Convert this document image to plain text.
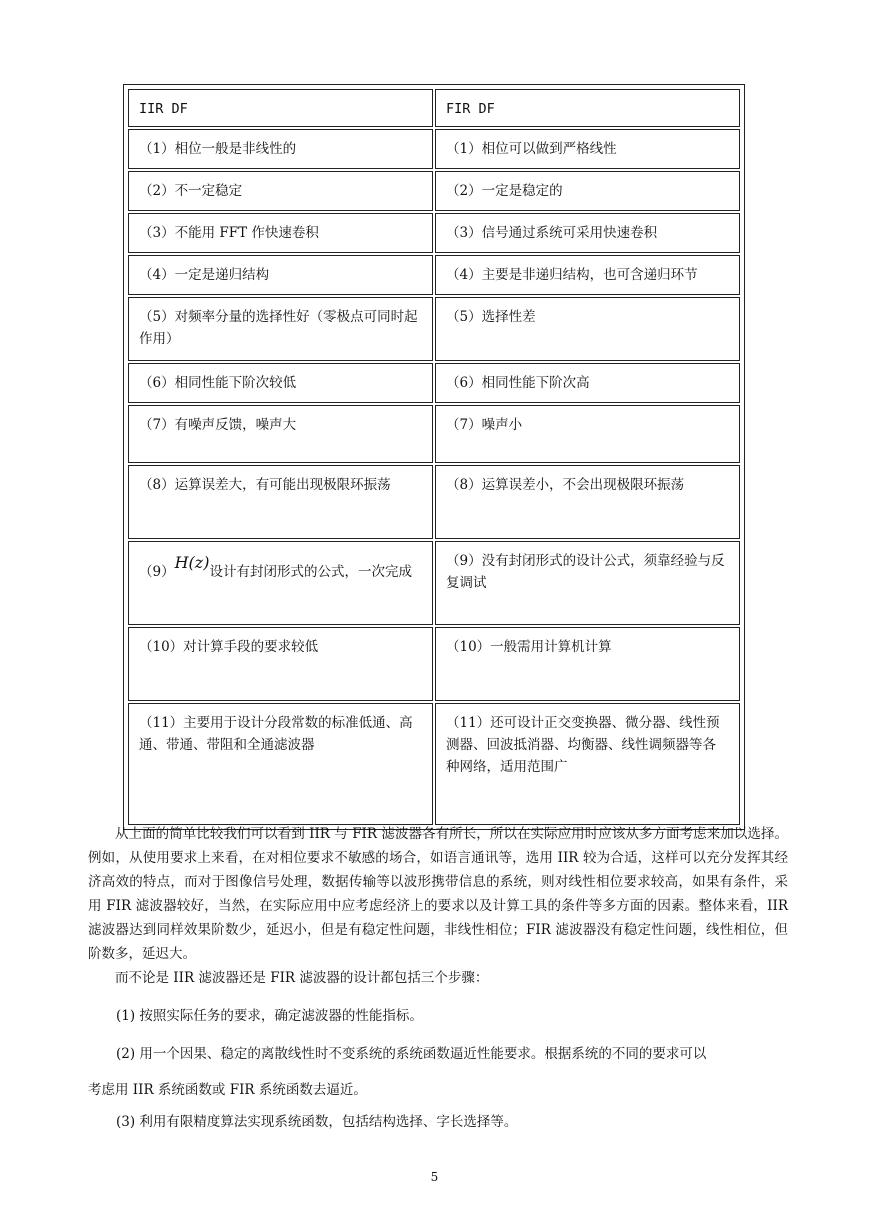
IIR DF	FIR DF
（1）相位一般是非线性的	（1）相位可以做到严格线性
（2）不一定稳定	（2）一定是稳定的
（3）不能用 FFT 作快速卷积	（3）信号通过系统可采用快速卷积
（4）一定是递归结构	（4）主要是非递归结构，也可含递归环节
（5）对频率分量的选择性好（零极点可同时起作用）	（5）选择性差
（6）相同性能下阶次较低	（6）相同性能下阶次高
（7）有噪声反馈，噪声大	（7）噪声小
（8）运算误差大，有可能出现极限环振荡	（8）运算误差小，不会出现极限环振荡
（9）H(z)设计有封闭形式的公式，一次完成	（9）没有封闭形式的设计公式，须靠经验与反复调试
（10）对计算手段的要求较低	（10）一般需用计算机计算
（11）主要用于设计分段常数的标准低通、高通、带通、带阻和全通滤波器	（11）还可设计正交变换器、微分器、线性预测器、回波抵消器、均衡器、线性调频器等各种网络，适用范围广

从上面的简单比较我们可以看到 IIR 与 FIR 滤波器各有所长，所以在实际应用时应该从多方面考虑来加以选择。例如，从使用要求上来看，在对相位要求不敏感的场合，如语言通讯等，选用 IIR 较为合适，这样可以充分发挥其经济高效的特点，而对于图像信号处理，数据传输等以波形携带信息的系统，则对线性相位要求较高，如果有条件，采用 FIR 滤波器较好，当然，在实际应用中应考虑经济上的要求以及计算工具的条件等多方面的因素。整体来看，IIR 滤波器达到同样效果阶数少，延迟小，但是有稳定性问题，非线性相位；FIR 滤波器没有稳定性问题，线性相位，但阶数多，延迟大。

而不论是 IIR 滤波器还是 FIR 滤波器的设计都包括三个步骤：

(1) 按照实际任务的要求，确定滤波器的性能指标。

(2) 用一个因果、稳定的离散线性时不变系统的系统函数逼近性能要求。根据系统的不同的要求可以

考虑用 IIR 系统函数或 FIR 系统函数去逼近。

(3) 利用有限精度算法实现系统函数，包括结构选择、字长选择等。

5
